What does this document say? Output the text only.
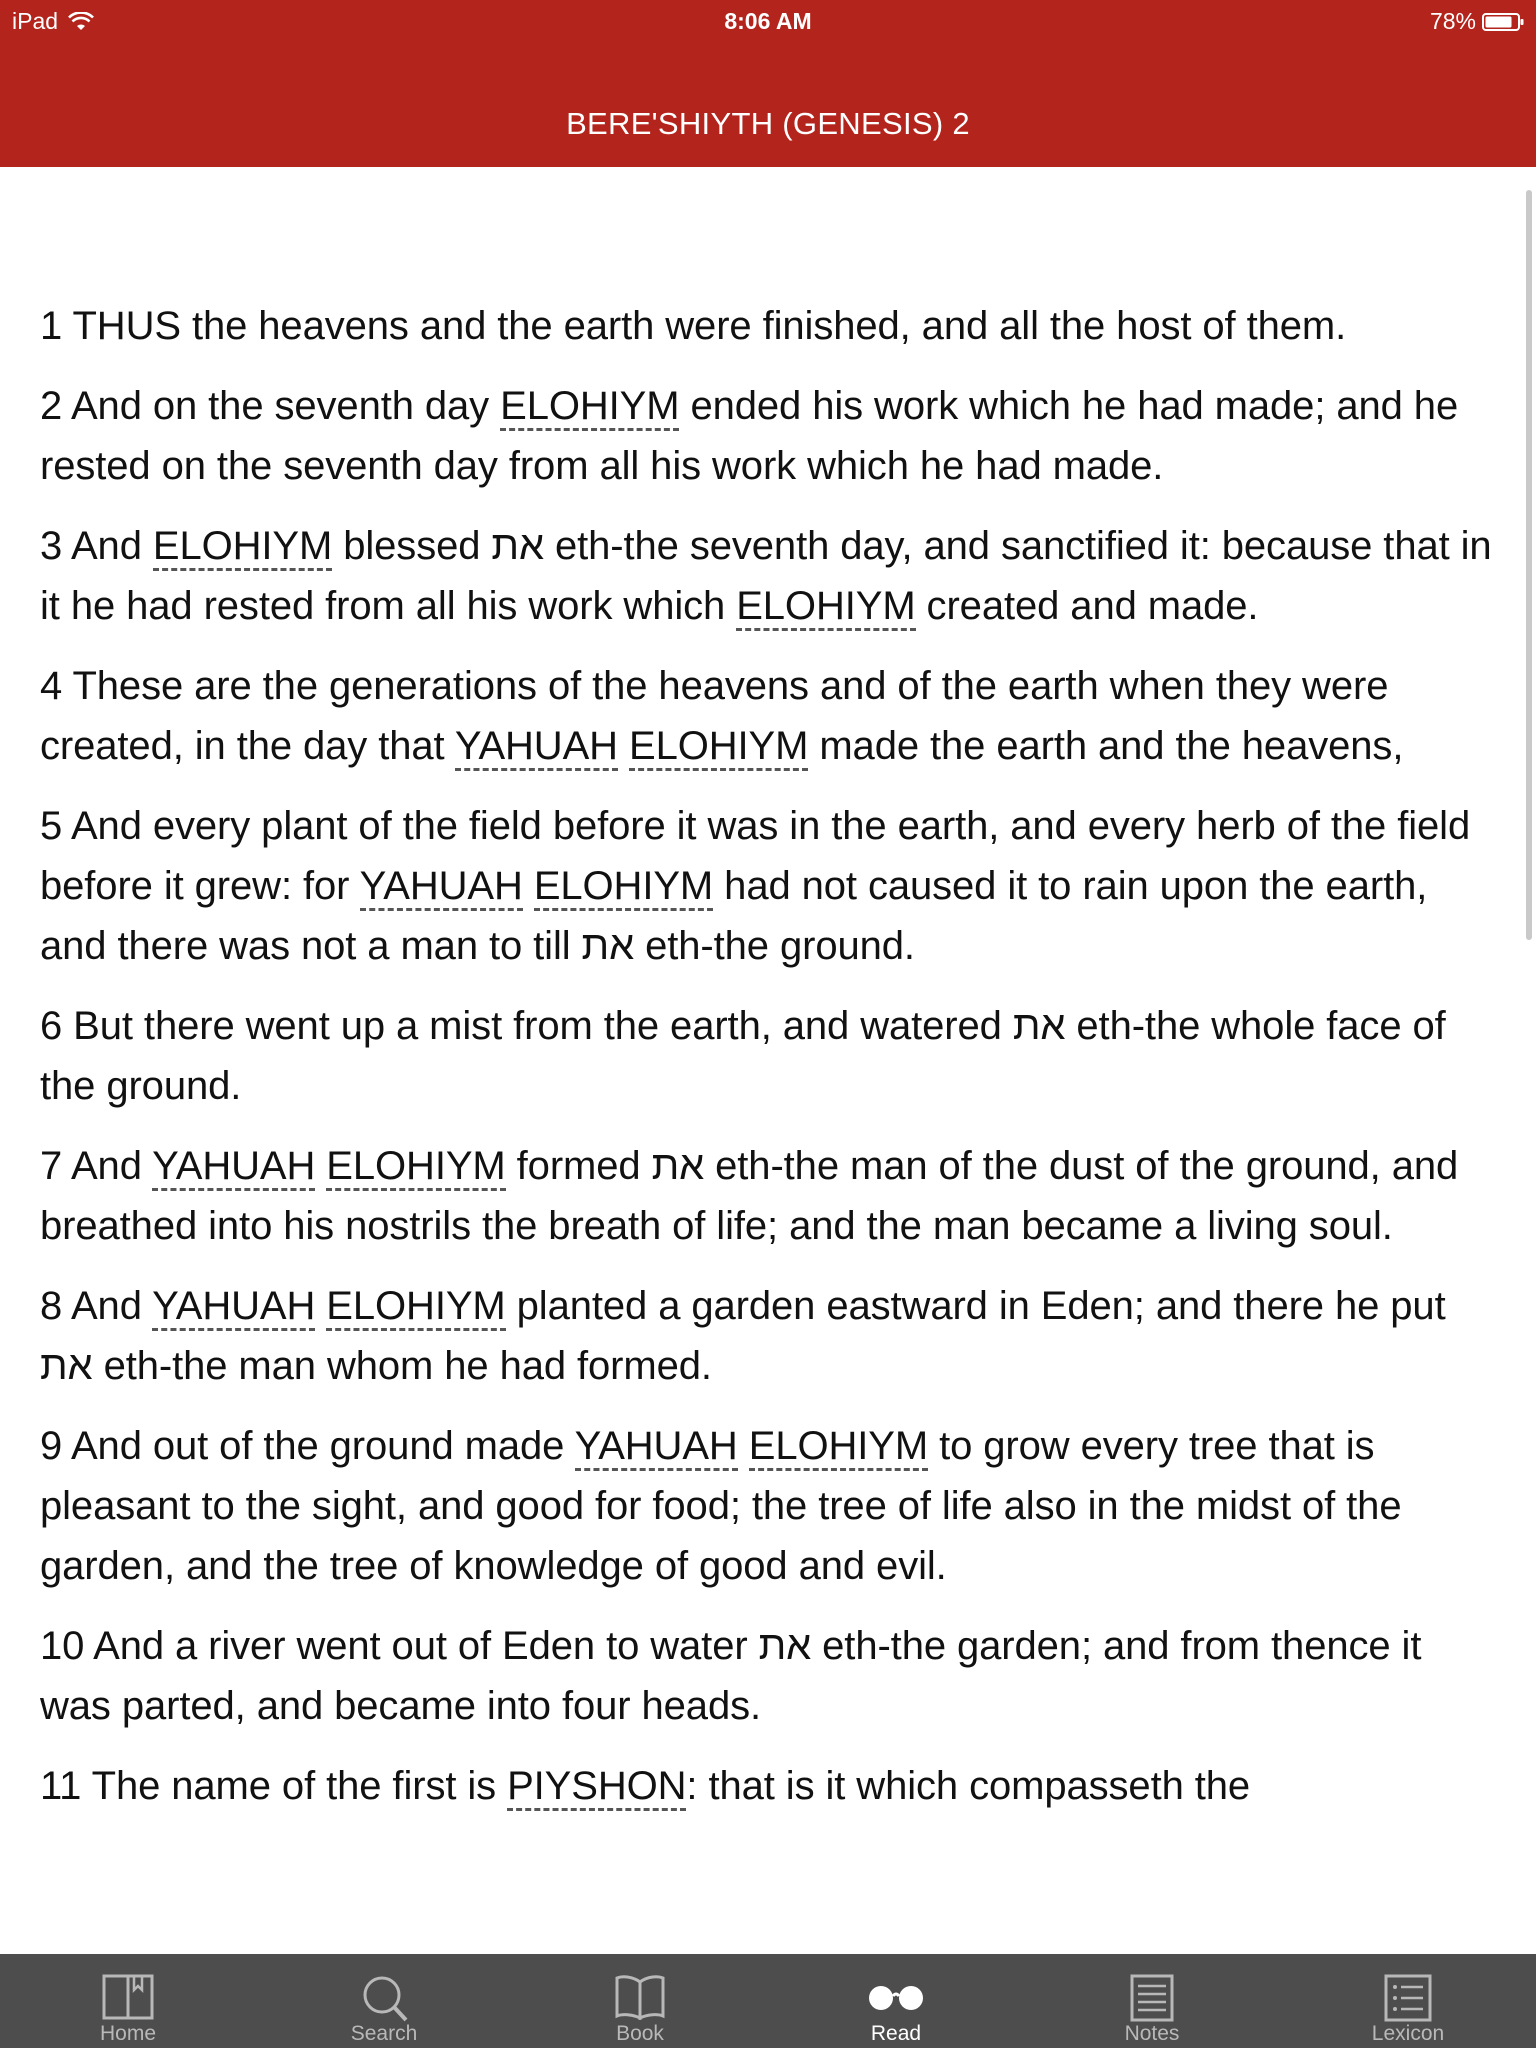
iPad	8:06 AM	78%
BERE'SHIYTH (GENESIS) 2

1 THUS the heavens and the earth were finished, and all the host of them.

2 And on the seventh day ELOHIYM ended his work which he had made; and he rested on the seventh day from all his work which he had made.

3 And ELOHIYM blessed את eth-the seventh day, and sanctified it: because that in it he had rested from all his work which ELOHIYM created and made.

4 These are the generations of the heavens and of the earth when they were created, in the day that YAHUAH ELOHIYM made the earth and the heavens,

5 And every plant of the field before it was in the earth, and every herb of the field before it grew: for YAHUAH ELOHIYM had not caused it to rain upon the earth, and there was not a man to till את eth-the ground.

6 But there went up a mist from the earth, and watered את eth-the whole face of the ground.

7 And YAHUAH ELOHIYM formed את eth-the man of the dust of the ground, and breathed into his nostrils the breath of life; and the man became a living soul.

8 And YAHUAH ELOHIYM planted a garden eastward in Eden; and there he put את eth-the man whom he had formed.

9 And out of the ground made YAHUAH ELOHIYM to grow every tree that is pleasant to the sight, and good for food; the tree of life also in the midst of the garden, and the tree of knowledge of good and evil.

10 And a river went out of Eden to water את eth-the garden; and from thence it was parted, and became into four heads.

11 The name of the first is PIYSHON: that is it which compasseth the

Home	Search	Book	Read	Notes	Lexicon
